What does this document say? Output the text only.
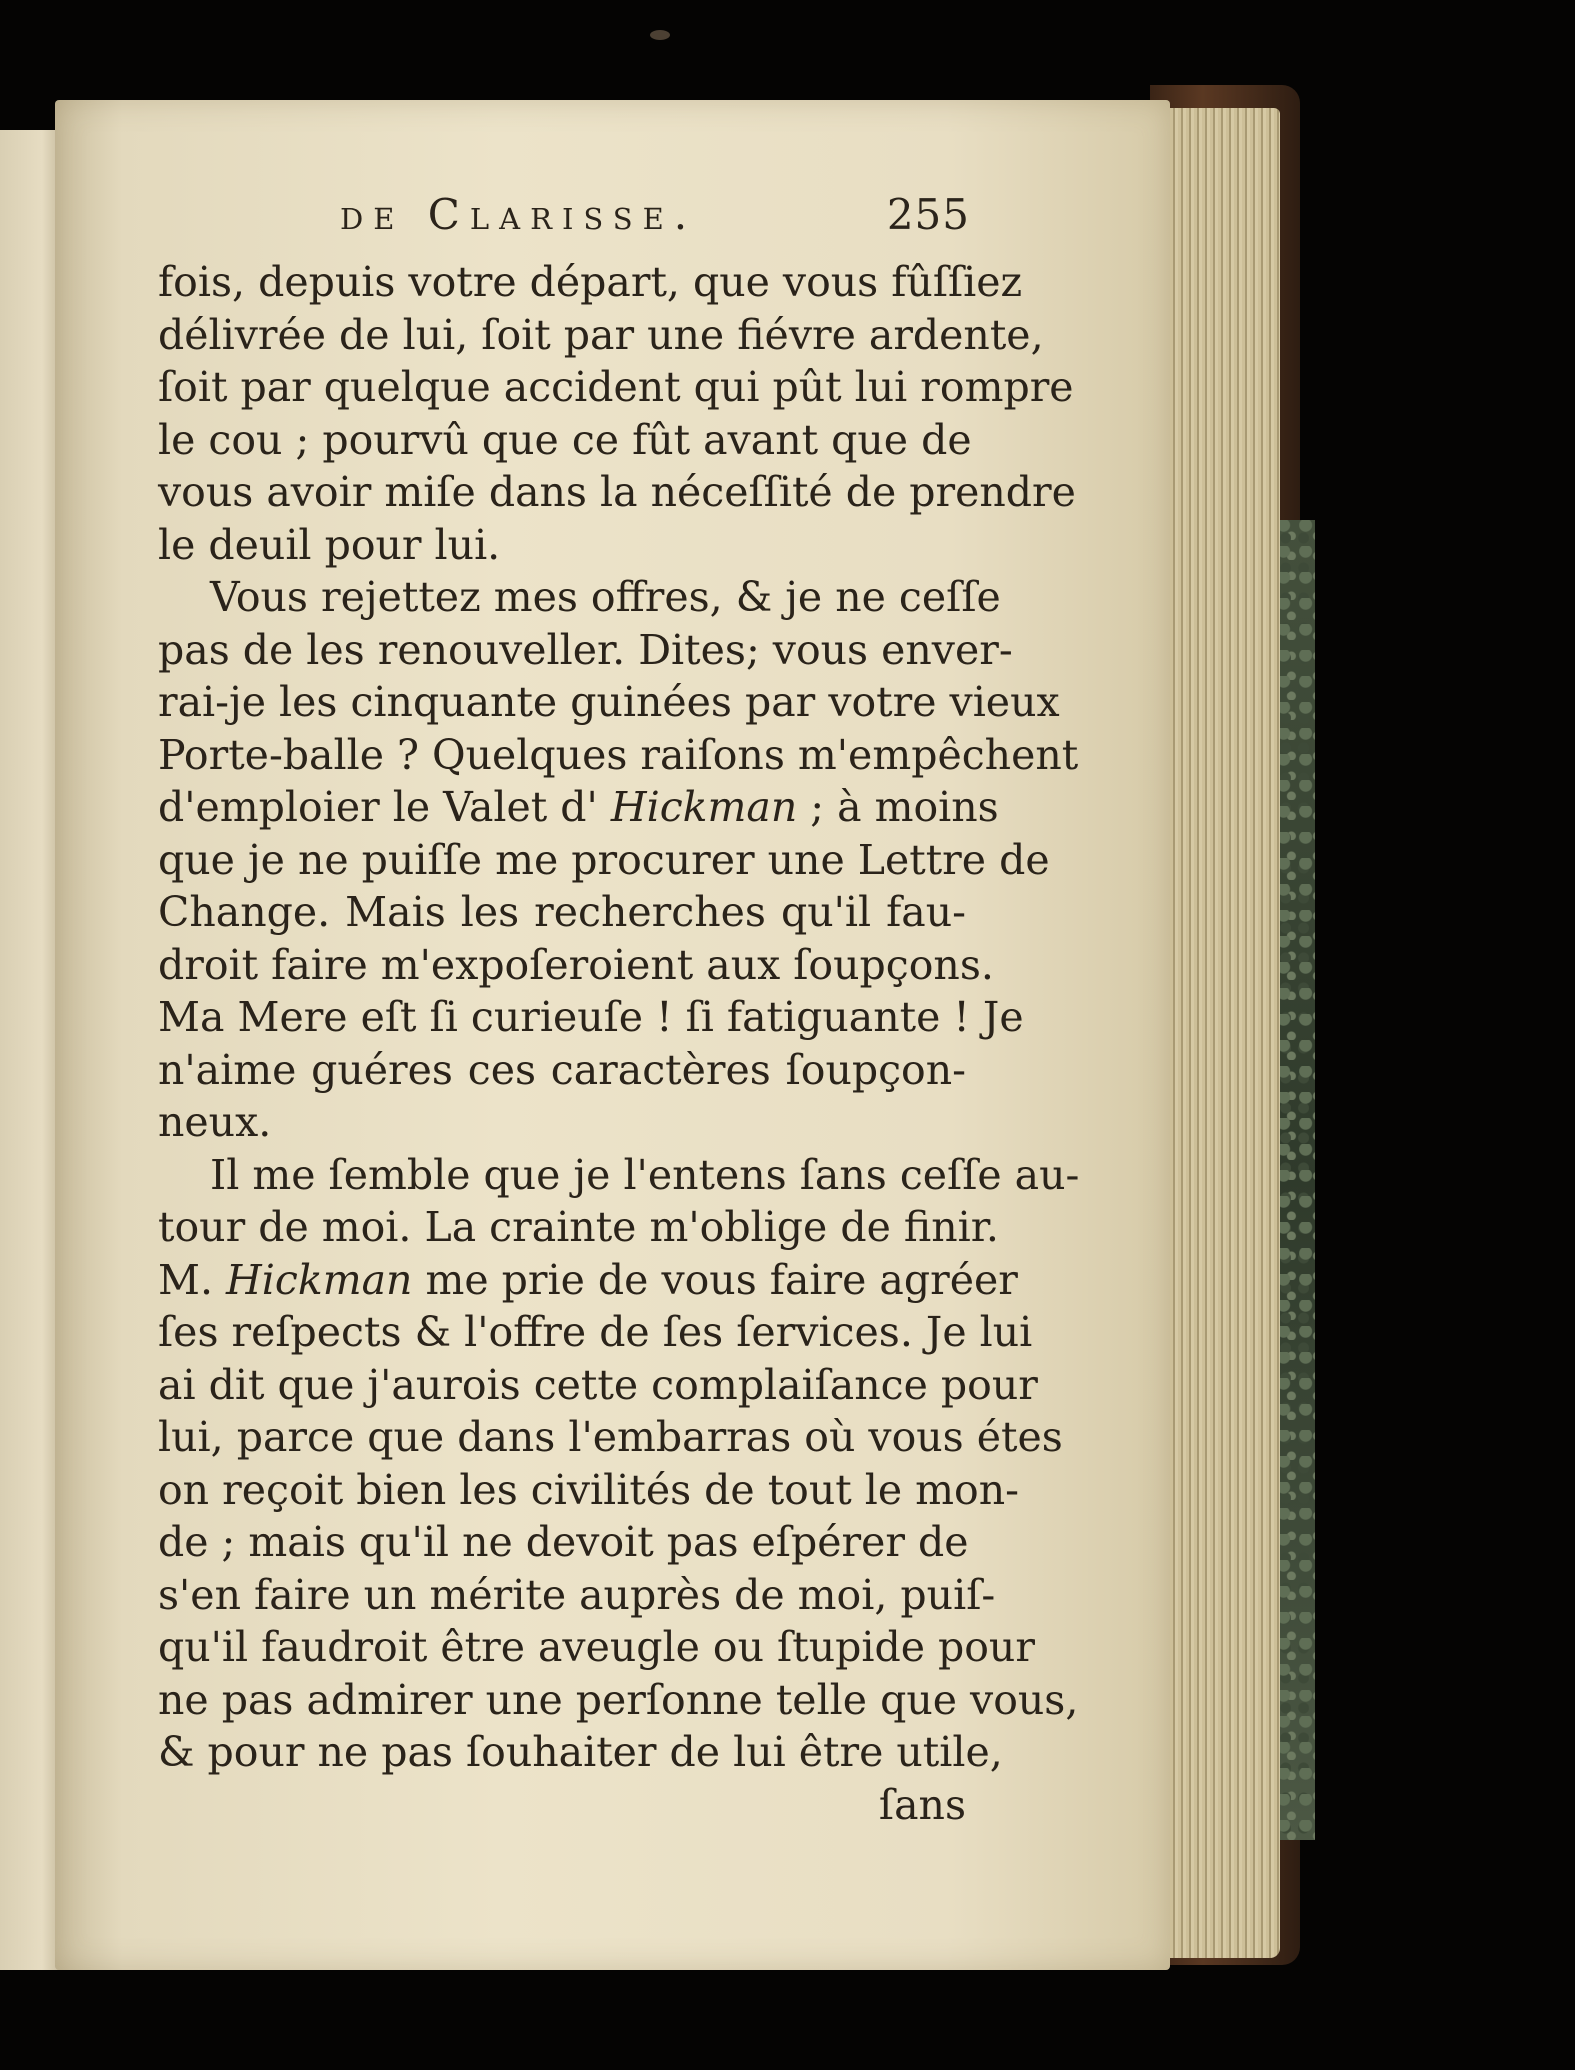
de Clarisse.	255
fois, depuis votre départ, que vous fûſſiez
délivrée de lui, ſoit par une fiévre ardente,
ſoit par quelque accident qui pût lui rompre
le cou ; pourvû que ce fût avant que de
vous avoir miſe dans la néceſſité de prendre
le deuil pour lui.
Vous rejettez mes offres, & je ne ceſſe
pas de les renouveller. Dites; vous enver-
rai-je les cinquante guinées par votre vieux
Porte-balle ? Quelques raiſons m'empêchent
d'emploier le Valet d' Hickman ; à moins
que je ne puiſſe me procurer une Lettre de
Change. Mais les recherches qu'il fau-
droit faire m'expoſeroient aux ſoupçons.
Ma Mere eſt ſi curieuſe ! ſi fatiguante ! Je
n'aime guéres ces caractères ſoupçon-
neux.
Il me ſemble que je l'entens ſans ceſſe au-
tour de moi. La crainte m'oblige de finir.
M. Hickman me prie de vous faire agréer
ſes reſpects & l'offre de ſes ſervices. Je lui
ai dit que j'aurois cette complaiſance pour
lui, parce que dans l'embarras où vous étes
on reçoit bien les civilités de tout le mon-
de ; mais qu'il ne devoit pas eſpérer de
s'en faire un mérite auprès de moi, puiſ-
qu'il faudroit être aveugle ou ſtupide pour
ne pas admirer une perſonne telle que vous,
& pour ne pas ſouhaiter de lui être utile,
ſans
